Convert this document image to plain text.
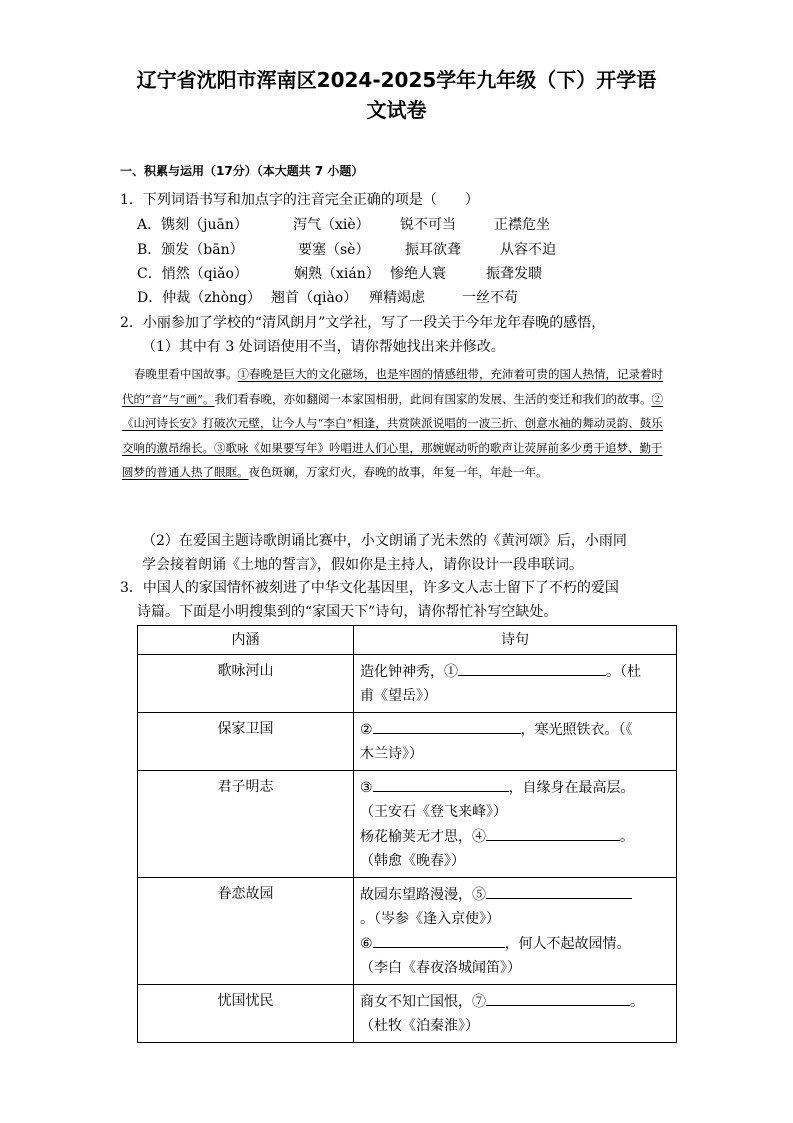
辽宁省沈阳市浑南区2024-2025学年九年级（下）开学语
文试卷
一、积累与运用（17分）（本大题共 7 小题）
1．下列词语书写和加点字的注音完全正确的项是（　　）
A．镌刻（juān）	泻气（xiè） 锐不可当	正襟危坐
B．颁发（bān）	要塞（sè）	振耳欲聋	从容不迫
C．悄然（qiǎo）	娴熟（xián） 惨绝人寰	振聋发聩
D．仲裁（zhòng） 翘首（qiào） 殚精竭虑	一丝不苟
2．小丽参加了学校的“清风朗月”文学社，写了一段关于今年龙年春晚的感悟，
（1）其中有 3 处词语使用不当，请你帮她找出来并修改。
春晚里看中国故事。①春晚是巨大的文化磁场，也是牢固的情感纽带，充沛着可贵的国人热情，记录着时代的“音”与“画”。我们看春晚，亦如翻阅一本家国相册，此间有国家的发展、生活的变迁和我们的故事。②《山河诗长安》打破次元壁，让今人与“李白”相逢，共赏陕派说唱的一波三折、创意水袖的舞动灵韵、鼓乐交响的激昂绵长。③歌咏《如果要写年》吟唱进人们心里，那婉娓动听的歌声让荧屏前多少勇于追梦、勤于圆梦的普通人热了眼眶。夜色斑斓，万家灯火，春晚的故事，年复一年，年赴一年。
（2）在爱国主题诗歌朗诵比赛中，小文朗诵了光未然的《黄河颂》后，小雨同
学会接着朗诵《土地的誓言》，假如你是主持人，请你设计一段串联词。
3．中国人的家国情怀被刻进了中华文化基因里，许多文人志士留下了不朽的爱国
诗篇。下面是小明搜集到的“家国天下”诗句，请你帮忙补写空缺处。
内涵	诗句
歌咏河山	造化钟神秀，① 。（杜
甫《望岳》）
保家卫国	② ，寒光照铁衣。（《
木兰诗》）
君子明志	③ ，自缘身在最高层。
（王安石《登飞来峰》）
杨花榆荚无才思，④ 。
（韩愈《晚春》）
眷恋故园	故园东望路漫漫，⑤
。（岑参《逢入京使》）
⑥ ，何人不起故园情。
（李白《春夜洛城闻笛》）
忧国忧民	商女不知亡国恨，⑦ 。
（杜牧《泊秦淮》）
